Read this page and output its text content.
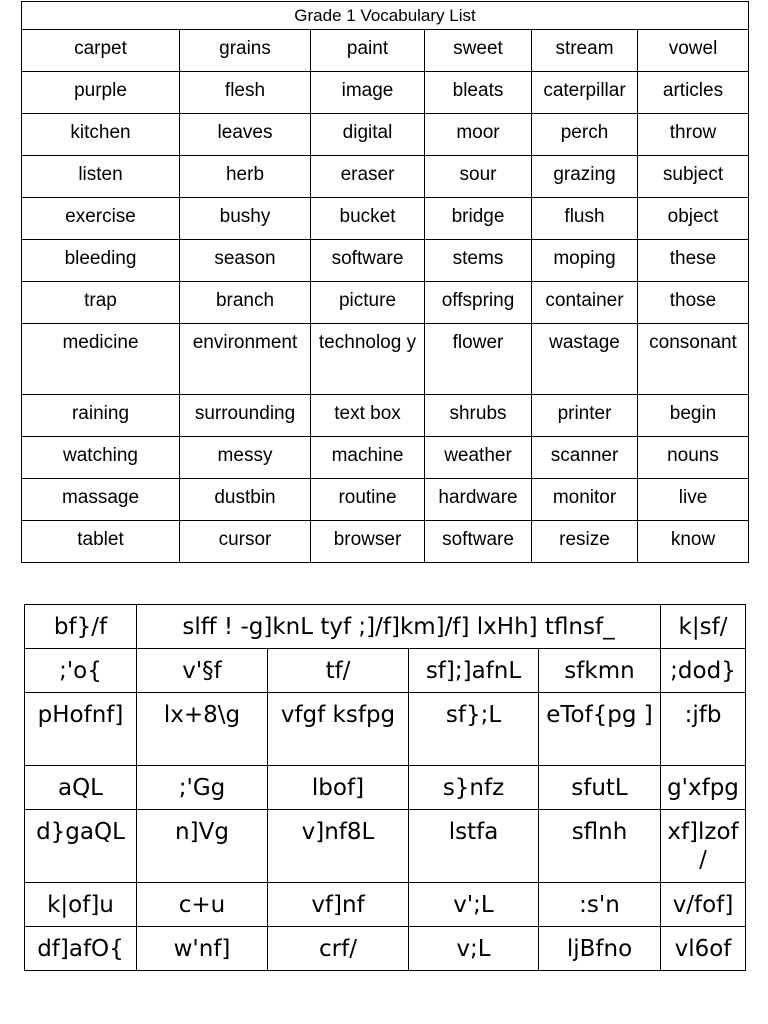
Grade 1 Vocabulary List					
carpet	grains	paint	sweet	stream	vowel
purple	flesh	image	bleats	caterpillar	articles
kitchen	leaves	digital	moor	perch	throw
listen	herb	eraser	sour	grazing	subject
exercise	bushy	bucket	bridge	flush	object
bleeding	season	software	stems	moping	these
trap	branch	picture	offspring	container	those
medicine	environment	technolog y	flower	wastage	consonant
raining	surrounding	text box	shrubs	printer	begin
watching	messy	machine	weather	scanner	nouns
massage	dustbin	routine	hardware	monitor	live
tablet	cursor	browser	software	resize	know
bf}/f	slff ! -g]knL tyf ;]/f]km]/f] lxHh] tflnsf_				k|sf/
;'o{	v'§f	tf/	sf];]afnL	sfkmn	;dod}
pHofnf]	lx+8\g	vfgf ksfpg	sf};L	eTof{pg ]	:jfb
aQL	;'Gg	lbof]	s}nfz	sfutL	g'xfpg
d}gaQL	n]Vg	v]nf8L	lstfa	sflnh	xf]lzof /
k|of]u	c+u	vf]nf	v';L	:s'n	v/fof]
df]afO{	w'nf]	crf/	v;L	ljBfno	vl6of
